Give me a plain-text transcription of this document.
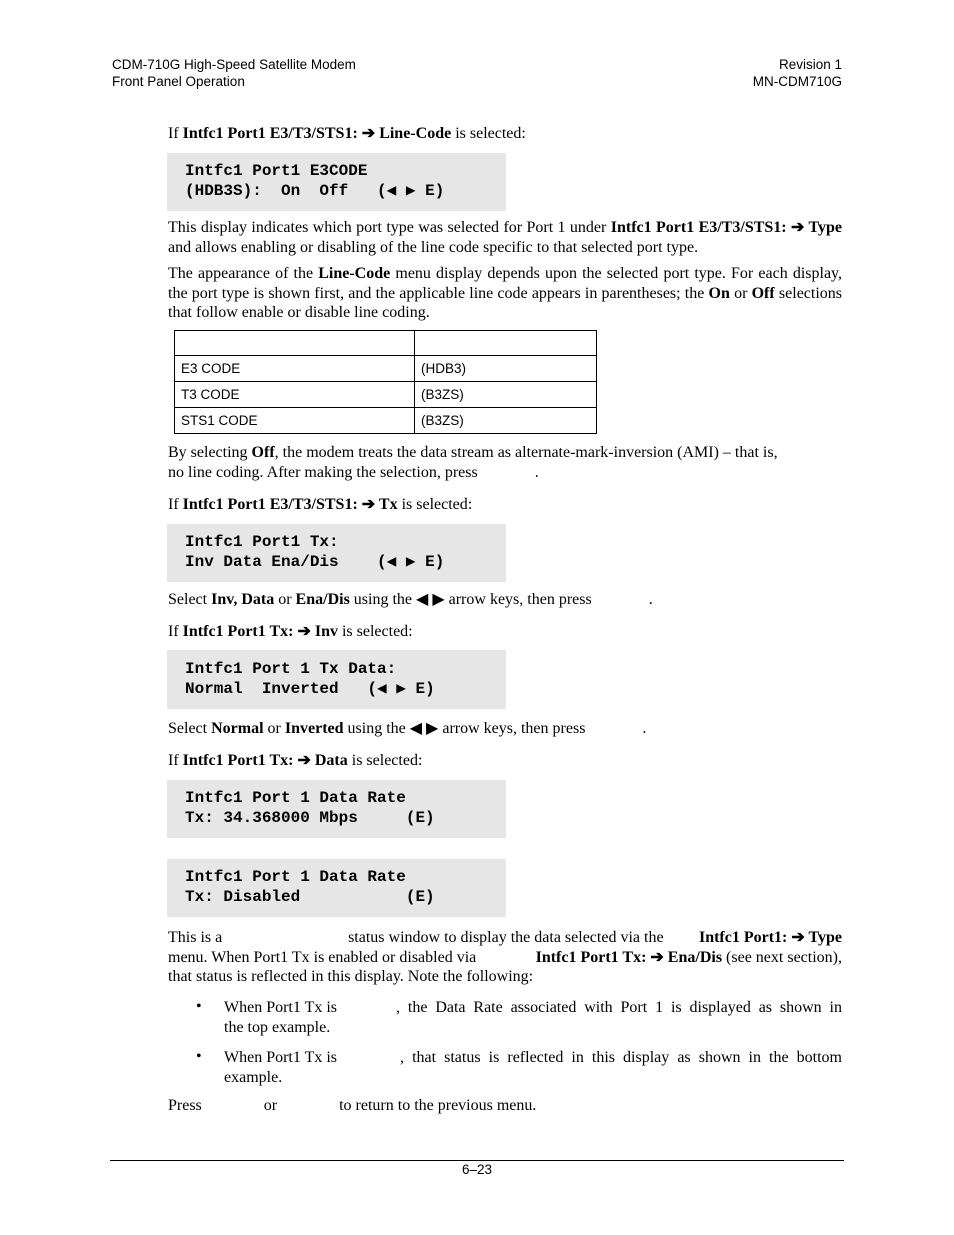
CDM-710G High-Speed Satellite Modem
Front Panel Operation
Revision 1
MN-CDM710G
If Intfc1 Port1 E3/T3/STS1: ➔ Line-Code is selected:
Intfc1 Port1 E3CODE
(HDB3S):  On  Off   (◀ ▶ E)
This display indicates which port type was selected for Port 1 under Intfc1 Port1 E3/T3/STS1: ➔ Type and allows enabling or disabling of the line code specific to that selected port type.
The appearance of the Line-Code menu display depends upon the selected port type. For each display, the port type is shown first, and the applicable line code appears in parentheses; the On or Off selections that follow enable or disable line coding.

E3 CODE	(HDB3)
T3 CODE	(B3ZS)
STS1 CODE	(B3ZS)
By selecting Off, the modem treats the data stream as alternate-mark-inversion (AMI) – that is,
no line coding. After making the selection, press	.
If Intfc1 Port1 E3/T3/STS1: ➔ Tx is selected:
Intfc1 Port1 Tx:
Inv Data Ena/Dis    (◀ ▶ E)
Select Inv, Data or Ena/Dis using the ◀ ▶ arrow keys, then press	.
If Intfc1 Port1 Tx: ➔ Inv is selected:
Intfc1 Port 1 Tx Data:
Normal  Inverted   (◀ ▶ E)
Select Normal or Inverted using the ◀ ▶ arrow keys, then press	.
If Intfc1 Port1 Tx: ➔ Data is selected:
Intfc1 Port 1 Data Rate
Tx: 34.368000 Mbps     (E)
Intfc1 Port 1 Data Rate
Tx: Disabled           (E)
This is a	status window to display the data selected via the Intfc1 Port1: ➔ Type
menu. When Port1 Tx is enabled or disabled via	Intfc1 Port1 Tx: ➔ Ena/Dis (see next section),
that status is reflected in this display. Note the following:
• When Port1 Tx is	, the Data Rate associated with Port 1 is displayed as shown in
the top example.
• When Port1 Tx is	, that status is reflected in this display as shown in the bottom
example.
Press	or	to return to the previous menu.
6–23
